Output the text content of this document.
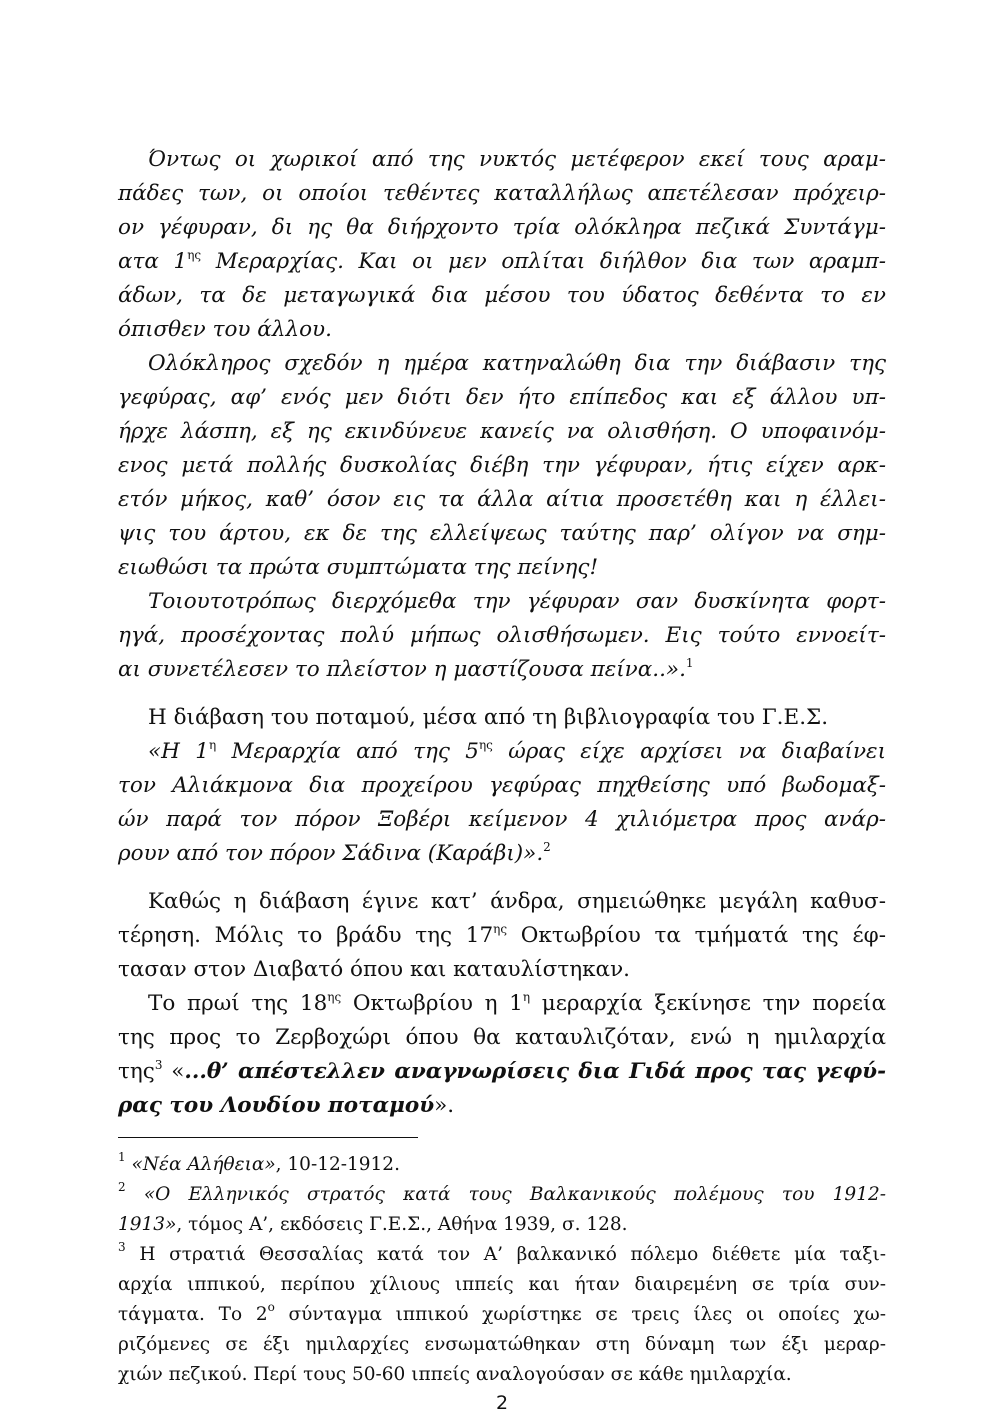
Όντως οι χωρικοί από της νυκτός μετέφερον εκεί τους αραμ-
πάδες των, οι οποίοι τεθέντες καταλλήλως απετέλεσαν πρόχειρ-
ον γέφυραν, δι ης θα διήρχοντο τρία ολόκληρα πεζικά Συντάγμ-
ατα $1^{\eta\varsigma}$ Μεραρχίας. Και οι μεν οπλίται διήλθον δια των αραμπ-
άδων, τα δε μεταγωγικά δια μέσου του ύδατος δεθέντα το εν
όπισθεν του άλλου.
Ολόκληρος σχεδόν η ημέρα κατηναλώθη δια την διάβασιν της
γεφύρας, αφ’ ενός μεν διότι δεν ήτο επίπεδος και εξ άλλου υπ-
ήρχε λάσπη, εξ ης εκινδύνευε κανείς να ολισθήση. Ο υποφαινόμ-
ενος μετά πολλής δυσκολίας διέβη την γέφυραν, ήτις είχεν αρκ-
ετόν μήκος, καθ’ όσον εις τα άλλα αίτια προσετέθη και η έλλει-
ψις του άρτου, εκ δε της ελλείψεως ταύτης παρ’ ολίγον να σημ-
ειωθώσι τα πρώτα συμπτώματα της πείνης!
Τοιουτοτρόπως διερχόμεθα την γέφυραν σαν δυσκίνητα φορτ-
ηγά, προσέχοντας πολύ μήπως ολισθήσωμεν. Εις τούτο εννοείτ-
αι συνετέλεσεν το πλείστον η μαστίζουσα πείνα..».$^1$
Η διάβαση του ποταμού, μέσα από τη βιβλιογραφία του Γ.Ε.Σ.
«Η $1^\eta$ Μεραρχία από της $5^{\eta\varsigma}$ ώρας είχε αρχίσει να διαβαίνει
τον Αλιάκμονα δια προχείρου γεφύρας πηχθείσης υπό βωδομαξ-
ών παρά τον πόρον Ξοβέρι κείμενον 4 χιλιόμετρα προς ανάρ-
ρουν από τον πόρον Σάδινα (Καράβι)».$^2$
Καθώς η διάβαση έγινε κατ’ άνδρα, σημειώθηκε μεγάλη καθυσ-
τέρηση. Μόλις το βράδυ της $17^{\eta\varsigma}$ Οκτωβρίου τα τμήματά της έφ-
τασαν στον Διαβατό όπου και καταυλίστηκαν.
Το πρωί της $18^{\eta\varsigma}$ Οκτωβρίου η $1^\eta$ μεραρχία ξεκίνησε την πορεία
της προς το Ζερβοχώρι όπου θα καταυλιζόταν, ενώ η ημιλαρχία
της$^3$ «...θ’ απέστελλεν αναγνωρίσεις δια Γιδά προς τας γεφύ-
ρας του Λουδίου ποταμού».
$^1$ «Νέα Αλήθεια», 10-12-1912.
$^2$ «Ο Ελληνικός στρατός κατά τους Βαλκανικούς πολέμους του 1912-
1913», τόμος Α’, εκδόσεις Γ.Ε.Σ., Αθήνα 1939, σ. 128.
$^3$ Η στρατιά Θεσσαλίας κατά τον Α’ βαλκανικό πόλεμο διέθετε μία ταξι-
αρχία ιππικού, περίπου χίλιους ιππείς και ήταν διαιρεμένη σε τρία συν-
τάγματα. Το $2^o$ σύνταγμα ιππικού χωρίστηκε σε τρεις ίλες οι οποίες χω-
ριζόμενες σε έξι ημιλαρχίες ενσωματώθηκαν στη δύναμη των έξι μεραρ-
χιών πεζικού. Περί τους 50-60 ιππείς αναλογούσαν σε κάθε ημιλαρχία.
2
